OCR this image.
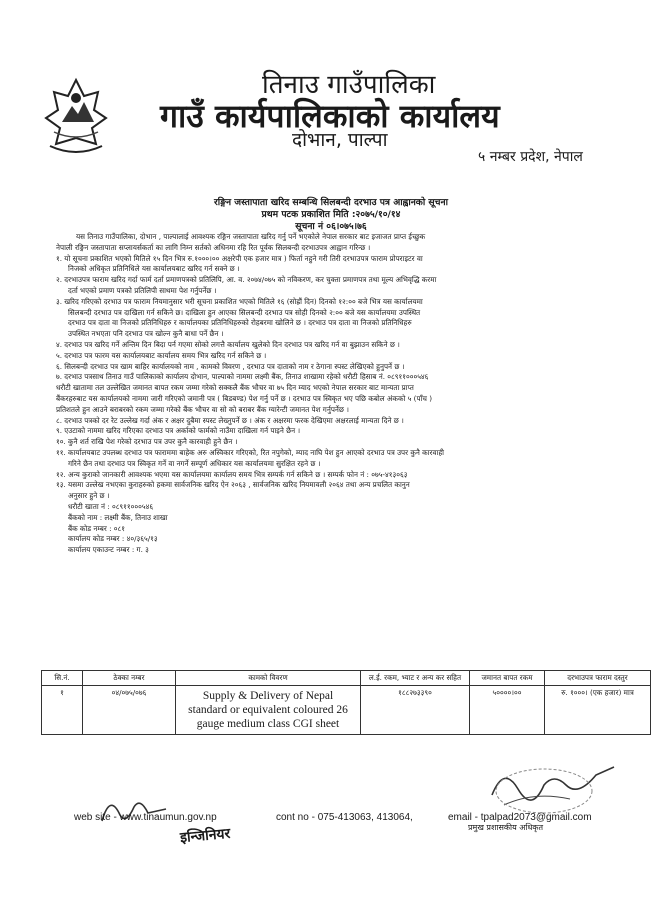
तिनाउ गाउँपालिका
गाउँ कार्यपालिकाको कार्यालय
दोभान, पाल्पा
५ नम्बर प्रदेश, नेपाल
रङ्गिन जस्तापाता खरिद सम्बन्धि सिलबन्दी दरभाउ पत्र आह्वानको सूचना
प्रथम पटक प्रकाशित मिति :२०७५/१०/१४
सूचना नं ०६।०७५।७६

यस तिनाउ गाउँपालिका, दोभान , पाल्पालाई आवश्यक रङ्गिन जस्तापाता खरिद गर्नु पर्ने भएकोले नेपाल सरकार बाट इजाजत प्राप्त ईच्छुक

नेपाली रङ्गिन जस्तापाता सप्लायर्सकर्ता का लागि निम्न सर्तको अधिनमा रहि रित पूर्वक सिलबन्दी दरभाउपत्र आह्वान गरिन्छ ।

१. यो सूचना प्रकाशित भएको मितिले १५ दिन भित्र रु.१०००।०० अक्षरेपी एक हजार मात्र ) फिर्ता नहुने गरी तिरी दरभाउपत्र फाराम प्रोपराइटर वा

निजको अधिकृत प्रतिनिधिले यस कार्यालयबाट खरिद गर्न सक्ने छ ।

२. दरभाउपत्र फाराम खरिद गर्दा फार्म दर्ता प्रमाणपत्रको प्रतिलिपि, आ. व. २०७४/०७५ को नविकरण, कर चुक्ता प्रमाणपत्र तथा मूल्य अभिवृद्धि करमा

दर्ता भएको प्रमाण पत्रको प्रतिलिपी साथमा पेश गर्नुपर्नेछ ।

३. खरिद गरिएको दरभाउ पत्र फाराम नियमानुसार भरी सूचना प्रकाशित भएको मितिले १६ (सोह्रौं दिन) दिनको १२:०० बजे भित्र यस कार्यालयमा

सिलबन्दी दरभाउ पत्र दाखिला गर्न सकिने छ। दाखिला हुन आएका सिलबन्दी दरभाउ पत्र सोही दिनको २:०० बजे यस कार्यालयमा उपस्थित

दरभाउ पत्र दाता वा निजको प्रतिनिधिहरु र कार्यालयका प्रतिनिधिहरुको रोहबरमा खोलिने छ । दरभाउ पत्र दाता वा निजको प्रतिनिधिहरु

उपस्थित नभएता पनि दरभाउ पत्र खोल्न कुनै बाधा पर्ने छैन ।

४. दरभाउ पत्र खरिद गर्ने अन्तिम दिन बिदा पर्न गएमा सोको लगत्तै कार्यालय खुलेको दिन दरभाउ पत्र खरिद गर्न वा बुझाउन सकिने छ ।

५. दरभाउ पत्र फारम यस कार्यालयबाट कार्यालय समय भित्र खरिद गर्न सकिने छ ।

६. सिलबन्दी दरभाउ पत्र खाम बाहिर कार्यालयको नाम , कामको विवरण , दरभाउ पत्र दाताको नाम र ठेगाना स्पस्ट लेखिएको हुनुपर्ने छ ।

७. दरभाउ पत्रसाथ तिनाउ गाउँ पालिकाको कार्यालय दोभान, पाल्पाको नाममा लक्ष्मी बैंक, तिनाउ शाखामा रहेको धरौटी हिसाब नं. ०८९११०००५४६

धरौटी खातामा तल उल्लेखित जमानत बापत रकम जम्मा गरेको सक्कलै बैंक भौचर वा ७५ दिन म्याद भएको नेपाल सरकार बाट मान्यता प्राप्त

बैंकरहरुबाट यस कार्यालयको नाममा जारी गरिएको जमानी पत्र ( बिडबण्ड) पेश गर्नु पर्ने छ । दरभाउ पत्र स्विकृत भए पछि कबोल अंकको ५ (पाँच )

प्रतिशतले हुन आउने बराबरको रकम जम्मा गरेको बैंक भौचर वा सो को बराबर बैंक ग्यारेन्टी जमानत पेश गर्नुपर्नेछ ।

८. दरभाउ पत्रको दर रेट उल्लेख गर्दा अंक र अक्षर दुबैमा स्पस्ट लेख्नुपर्ने छ । अंक र अक्षरमा फरक देखिएमा अक्षरलाई मान्यता दिने छ ।

९. एउटाको नाममा खरिद गरिएका दरभाउ पत्र अर्काको फार्मको नाउँमा दाखिला गर्न पाइने छैन ।

१०. कुनै शर्त राखि पेश गरेको दरभाउ पत्र उपर कुनै कारवाही हुने छैन ।

११. कार्यालयबाट उपलब्ध दरभाउ पत्र फाराममा बाहेक अरु अस्विकार गरिएको, रित नपुगेको, म्याद नाघि पेश हुन आएको दरभाउ पत्र उपर कुनै कारवाही

गरिने छैन तथा दरभाउ पत्र स्विकृत गर्ने वा नगर्ने सम्पूर्ण अधिकार यस कार्यालयमा सुरक्षित रहने छ ।

१२. अन्य कुराको जानकारी आवश्यक भएमा यस कार्यालयमा कार्यालय समय भित्र सम्पर्क गर्न सकिने छ । सम्पर्क फोन नं : ०७५-४१३०६३

१३. यसमा उल्लेख नभएका कुराहरुको हकमा सार्वजनिक खरिद ऐन २०६३ , सार्वजनिक खरिद नियमावली २०६४ तथा अन्य प्रचलित कानुन

अनुसार हुने छ ।

धरौटी खाता नं : ०८९११०००५४६

बैंकको नाम : लक्ष्मी बैंक, तिनाउ शाखा

बैंक कोड नम्बर : ०८१

कार्यालय कोड नम्बर : ४०/३६५/१३

कार्यालय एकाउन्ट नम्बर : ग. ३

सि.नं.	ठेक्का नम्बर	कामको विवरण	ल.ई. रकम, भ्याट र अन्य कर सहित	जमानत बापत रकम	दरभाउपत्र फाराम दस्तुर
१	०४/०७५/०७६	Supply & Delivery of Nepal standard or equivalent coloured 26 gauge medium class CGI sheet	१८८२७३३९०	५००००।००	रु. १०००। (एक हजार) मात्र
प्रमुख प्रशासकीय अधिकृत
इन्जिनियर
web site - www.tinaumun.gov.np	cont no - 075-413063, 413064,	email - tpalpad2073@gmail.com
